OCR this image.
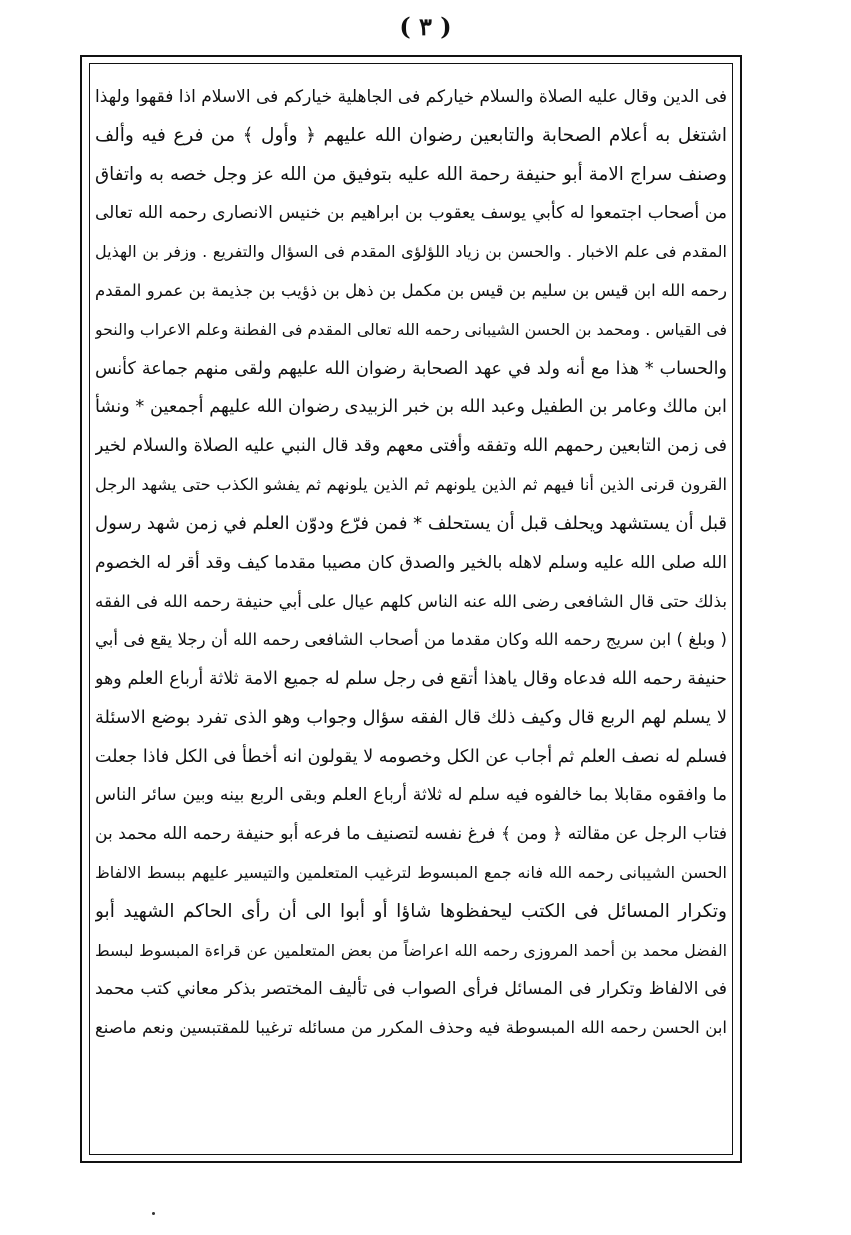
( ٣ )
فى الدين وقال عليه الصلاة والسلام خياركم فى الجاهلية خياركم فى الاسلام اذا فقهوا ولهذا
اشتغل به أعلام الصحابة والتابعين رضوان الله عليهم ﴿ وأول ﴾ من فرع فيه وألف
وصنف سراج الامة أبو حنيفة رحمة الله عليه بتوفيق من الله عز وجل خصه به واتفاق
من أصحاب اجتمعوا له كأبي يوسف يعقوب بن ابراهيم بن خنيس الانصارى رحمه الله تعالى
المقدم فى علم الاخبار . والحسن بن زياد اللؤلؤى المقدم فى السؤال والتفريع . وزفر بن الهذيل
رحمه الله ابن قيس بن سليم بن قيس بن مكمل بن ذهل بن ذؤيب بن جذيمة بن عمرو المقدم
فى القياس . ومحمد بن الحسن الشيبانى رحمه الله تعالى المقدم فى الفطنة وعلم الاعراب والنحو
والحساب * هذا مع أنه ولد في عهد الصحابة رضوان الله عليهم ولقى منهم جماعة كأنس
ابن مالك وعامر بن الطفيل وعبد الله بن خبر الزبيدى رضوان الله عليهم أجمعين * ونشأ
فى زمن التابعين رحمهم الله وتفقه وأفتى معهم وقد قال النبي عليه الصلاة والسلام لخير
القرون قرنى الذين أنا فيهم ثم الذين يلونهم ثم الذين يلونهم ثم يفشو الكذب حتى يشهد الرجل
قبل أن يستشهد ويحلف قبل أن يستحلف * فمن فرّع ودوّن العلم في زمن شهد رسول
الله صلى الله عليه وسلم لاهله بالخير والصدق كان مصيبا مقدما كيف وقد أقر له الخصوم
بذلك حتى قال الشافعى رضى الله عنه الناس كلهم عيال على أبي حنيفة رحمه الله فى الفقه
( وبلغ ) ابن سريج رحمه الله وكان مقدما من أصحاب الشافعى رحمه الله أن رجلا يقع فى أبي
حنيفة رحمه الله فدعاه وقال ياهذا أتقع فى رجل سلم له جميع الامة ثلاثة أرباع العلم وهو
لا يسلم لهم الربع قال وكيف ذلك قال الفقه سؤال وجواب وهو الذى تفرد بوضع الاسئلة
فسلم له نصف العلم ثم أجاب عن الكل وخصومه لا يقولون انه أخطأ فى الكل فاذا جعلت
ما وافقوه مقابلا بما خالفوه فيه سلم له ثلاثة أرباع العلم وبقى الربع بينه وبين سائر الناس
فتاب الرجل عن مقالته ﴿ ومن ﴾ فرغ نفسه لتصنيف ما فرعه أبو حنيفة رحمه الله محمد بن
الحسن الشيبانى رحمه الله فانه جمع المبسوط لترغيب المتعلمين والتيسير عليهم ببسط الالفاظ
وتكرار المسائل فى الكتب ليحفظوها شاؤا أو أبوا الى أن رأى الحاكم الشهيد أبو
الفضل محمد بن أحمد المروزى رحمه الله اعراضاً من بعض المتعلمين عن قراءة المبسوط لبسط
فى الالفاظ وتكرار فى المسائل فرأى الصواب فى تأليف المختصر بذكر معاني كتب محمد
ابن الحسن رحمه الله المبسوطة فيه وحذف المكرر من مسائله ترغيبا للمقتبسين ونعم ماصنع
